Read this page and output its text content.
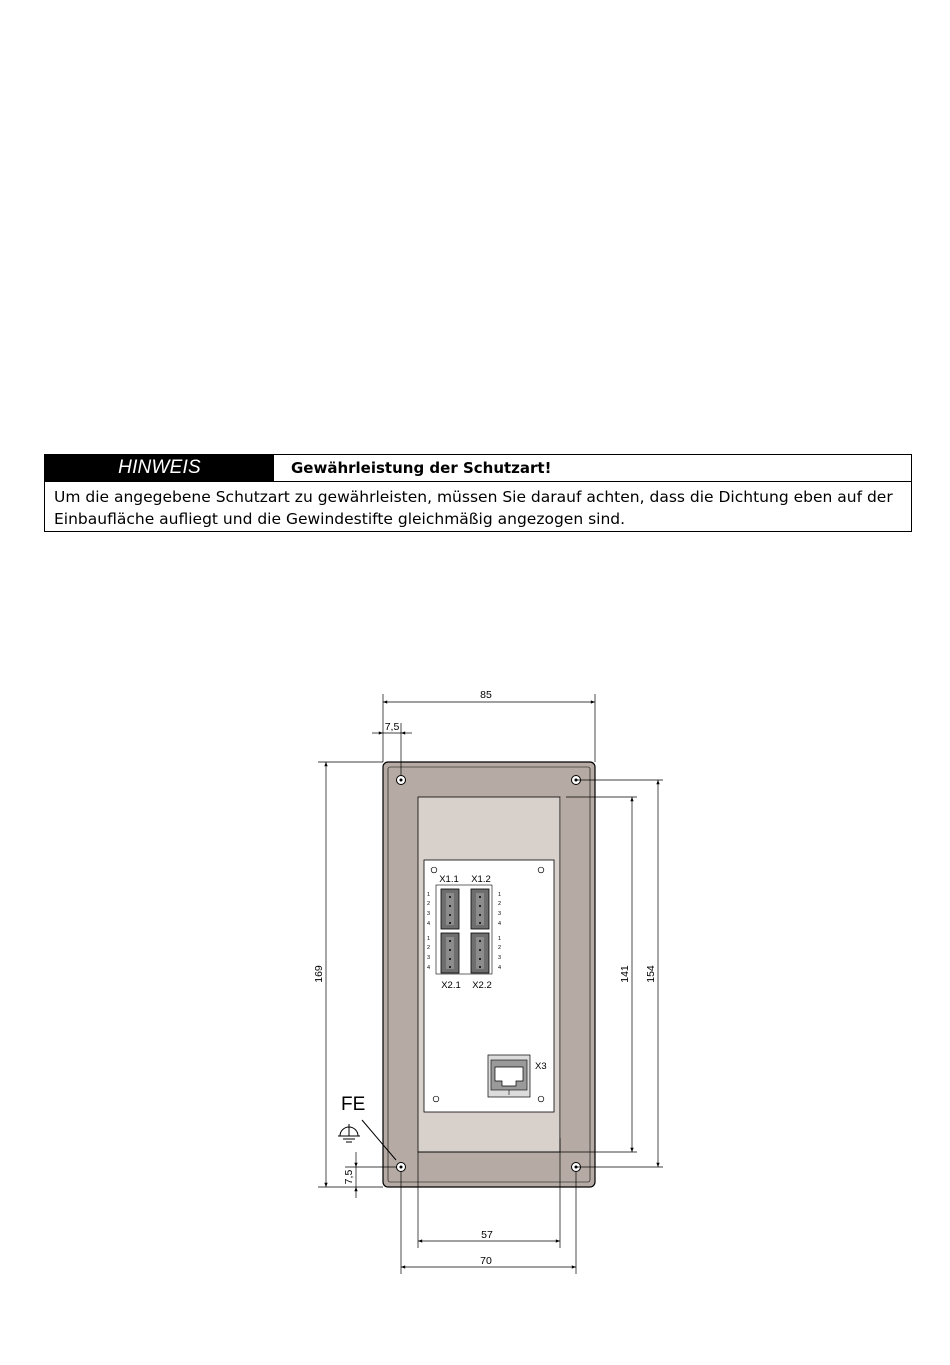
HINWEIS	Gewährleistung der Schutzart!
Um die angegebene Schutzart zu gewährleisten, müssen Sie darauf achten, dass die Dichtung eben auf der Einbaufläche aufliegt und die Gewindestifte gleichmäßig angezogen sind.
X1.1 X1.2
X2.1 X2.2
1
2
3
4
1
2
3
4
1
2
3
4
1
2
3
4
X3
FE
85
7,5
169	141 154
7,5
57
70
